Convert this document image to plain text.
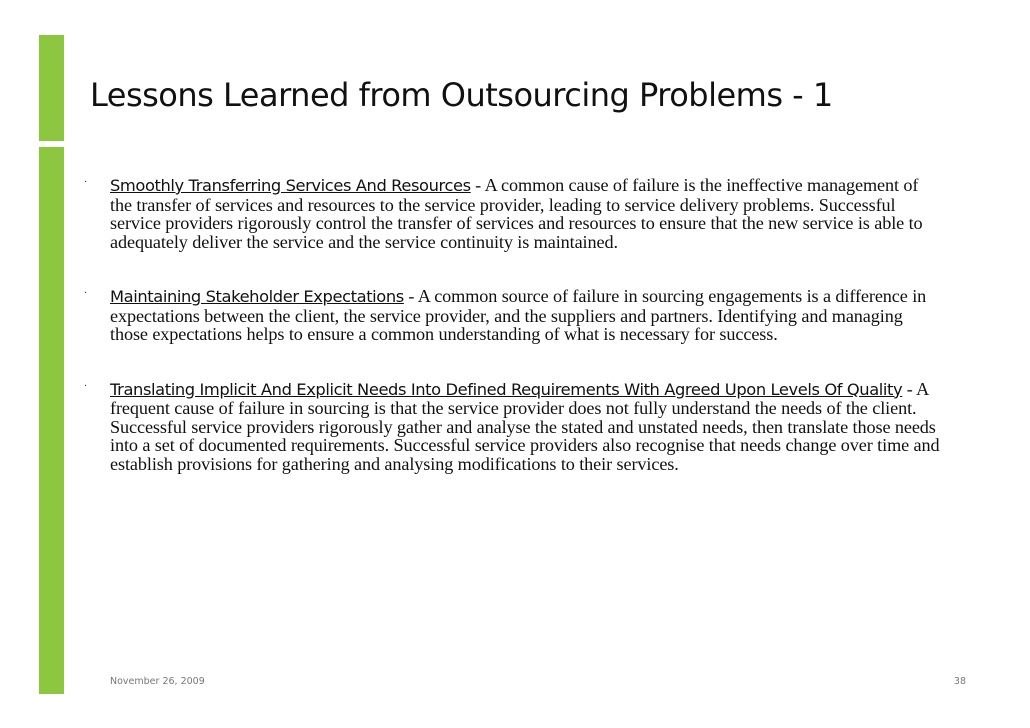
Lessons Learned from Outsourcing Problems - 1
· Smoothly Transferring Services And Resources - A common cause of failure is the ineffective management of the transfer of services and resources to the service provider, leading to service delivery problems. Successful service providers rigorously control the transfer of services and resources to ensure that the new service is able to adequately deliver the service and the service continuity is maintained.
· Maintaining Stakeholder Expectations - A common source of failure in sourcing engagements is a difference in expectations between the client, the service provider, and the suppliers and partners. Identifying and managing those expectations helps to ensure a common understanding of what is necessary for success.
· Translating Implicit And Explicit Needs Into Defined Requirements With Agreed Upon Levels Of Quality - A frequent cause of failure in sourcing is that the service provider does not fully understand the needs of the client. Successful service providers rigorously gather and analyse the stated and unstated needs, then translate those needs into a set of documented requirements. Successful service providers also recognise that needs change over time and establish provisions for gathering and analysing modifications to their services.
November 26, 2009	38
